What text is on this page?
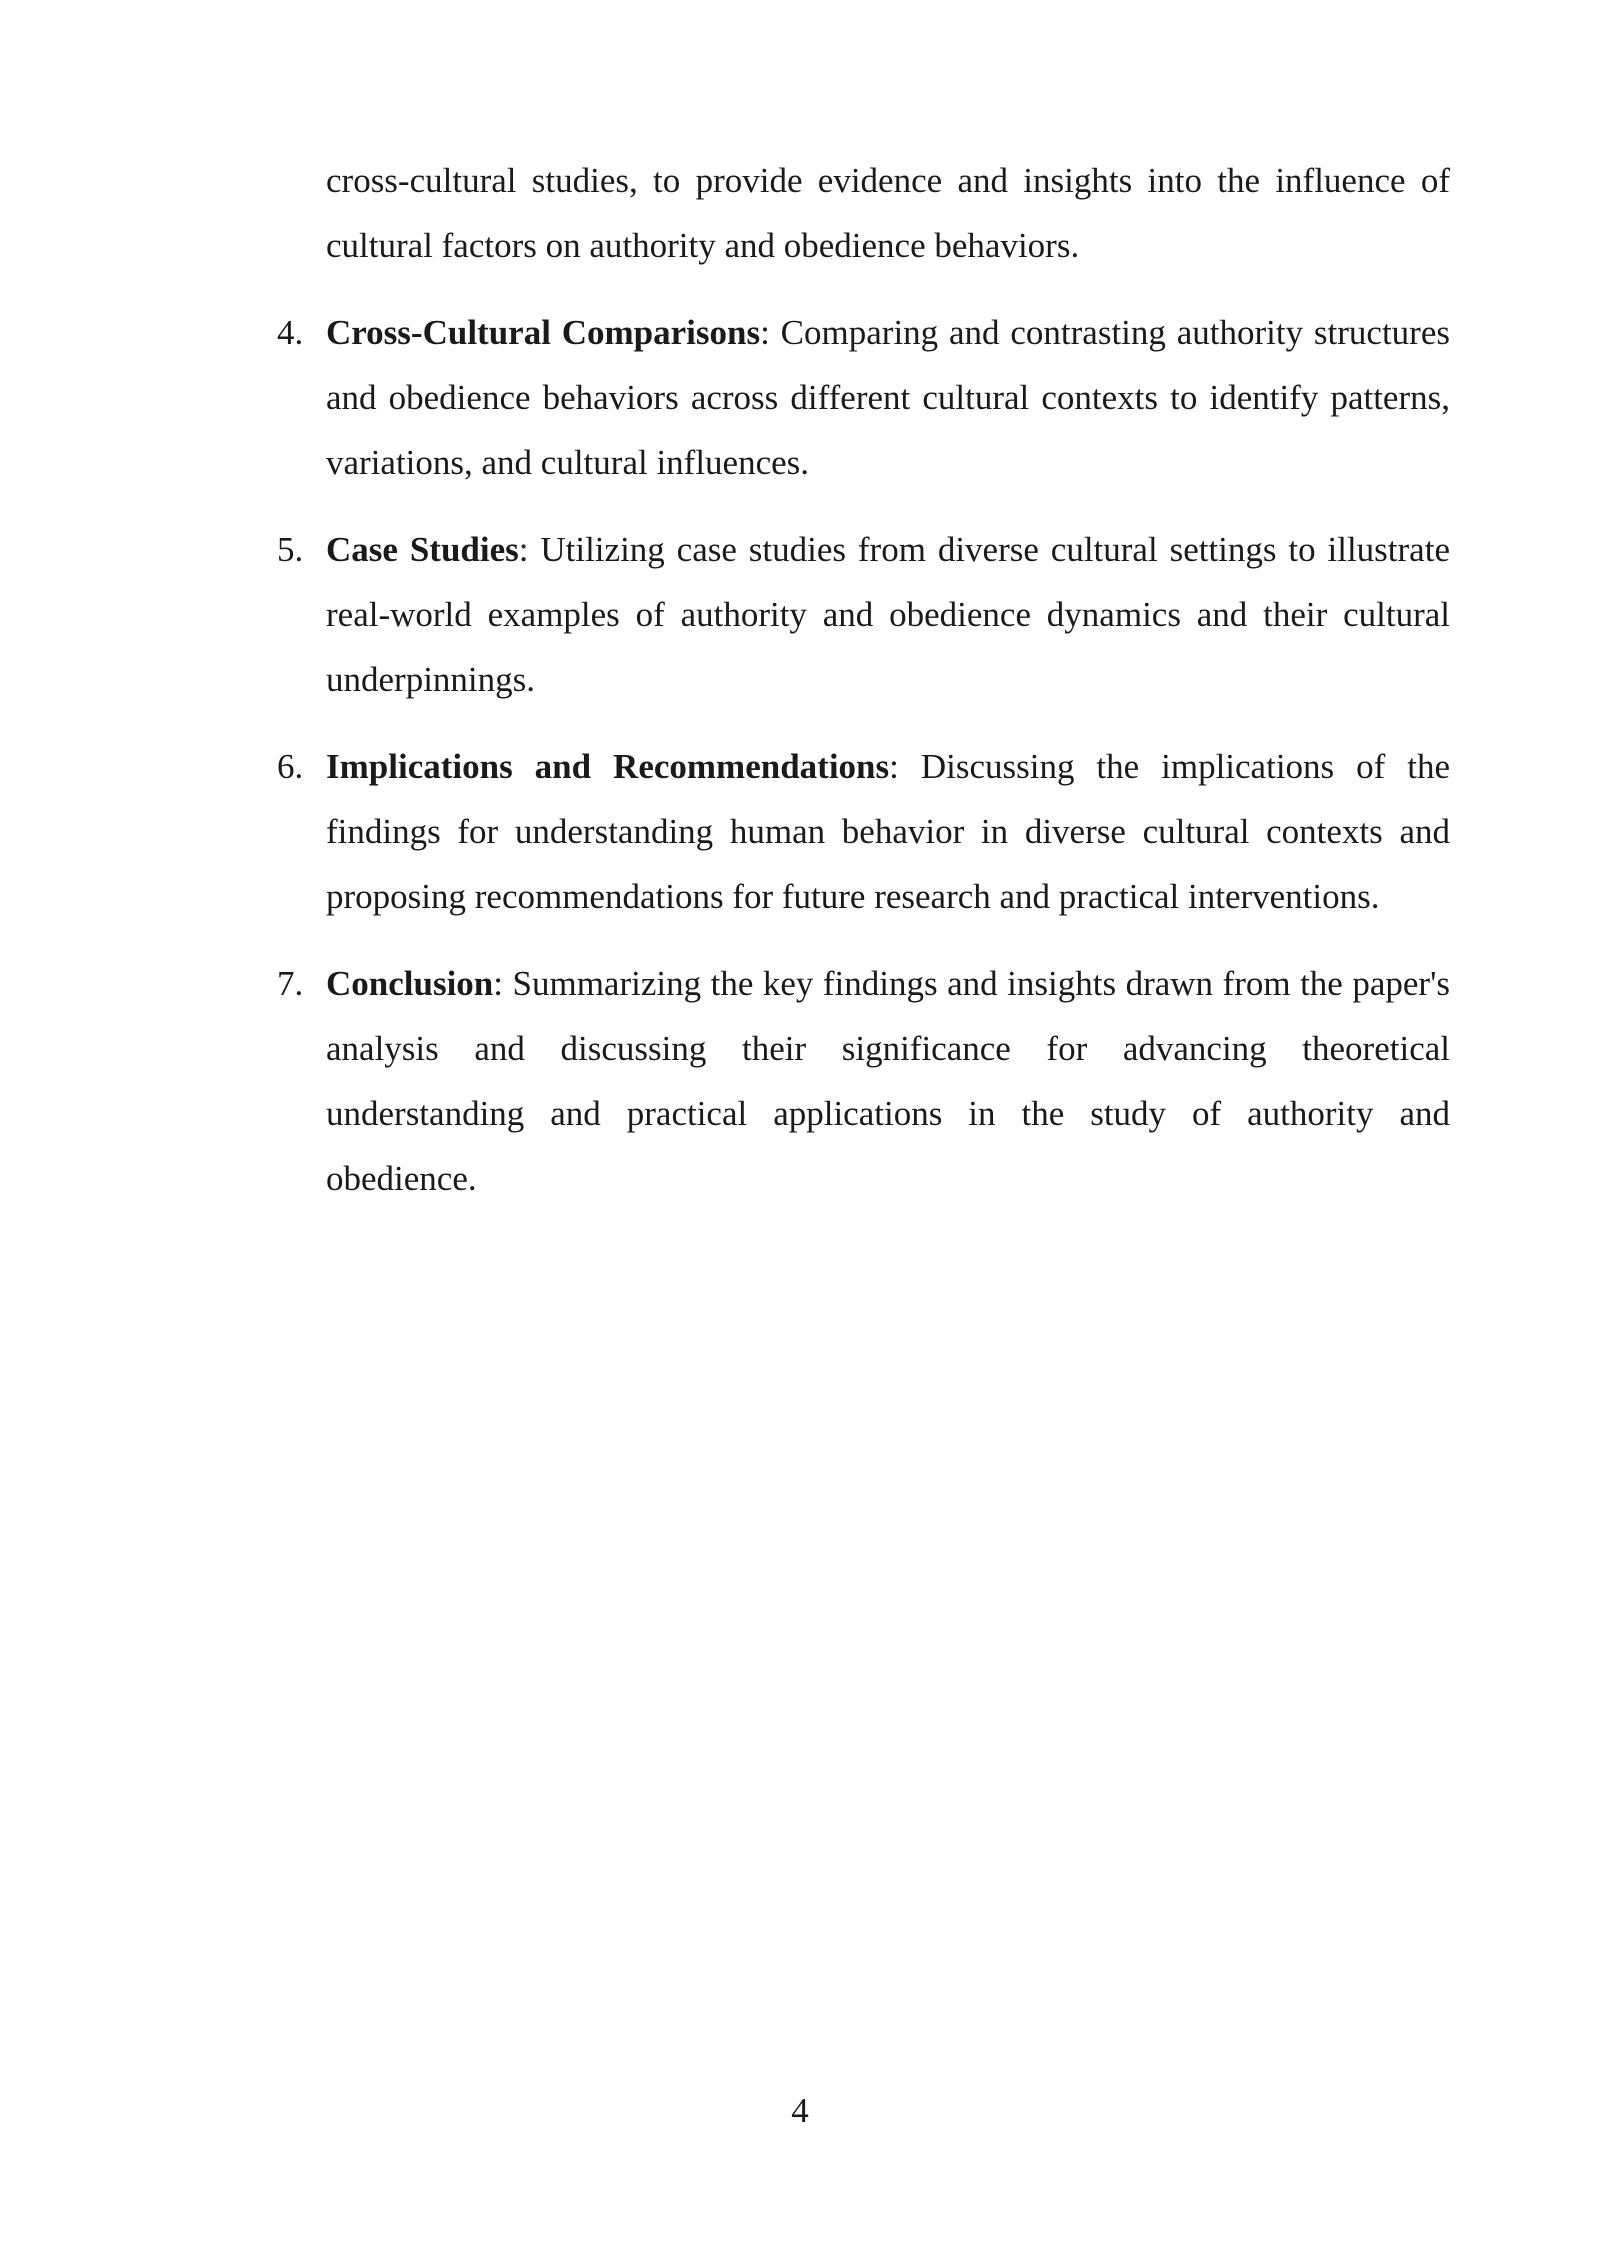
cross-cultural studies, to provide evidence and insights into the influence of cultural factors on authority and obedience behaviors.

4. Cross-Cultural Comparisons: Comparing and contrasting authority structures and obedience behaviors across different cultural contexts to identify patterns, variations, and cultural influences.

5. Case Studies: Utilizing case studies from diverse cultural settings to illustrate real-world examples of authority and obedience dynamics and their cultural underpinnings.

6. Implications and Recommendations: Discussing the implications of the findings for understanding human behavior in diverse cultural contexts and proposing recommendations for future research and practical interventions.

7. Conclusion: Summarizing the key findings and insights drawn from the paper's analysis and discussing their significance for advancing theoretical understanding and practical applications in the study of authority and obedience.

4
